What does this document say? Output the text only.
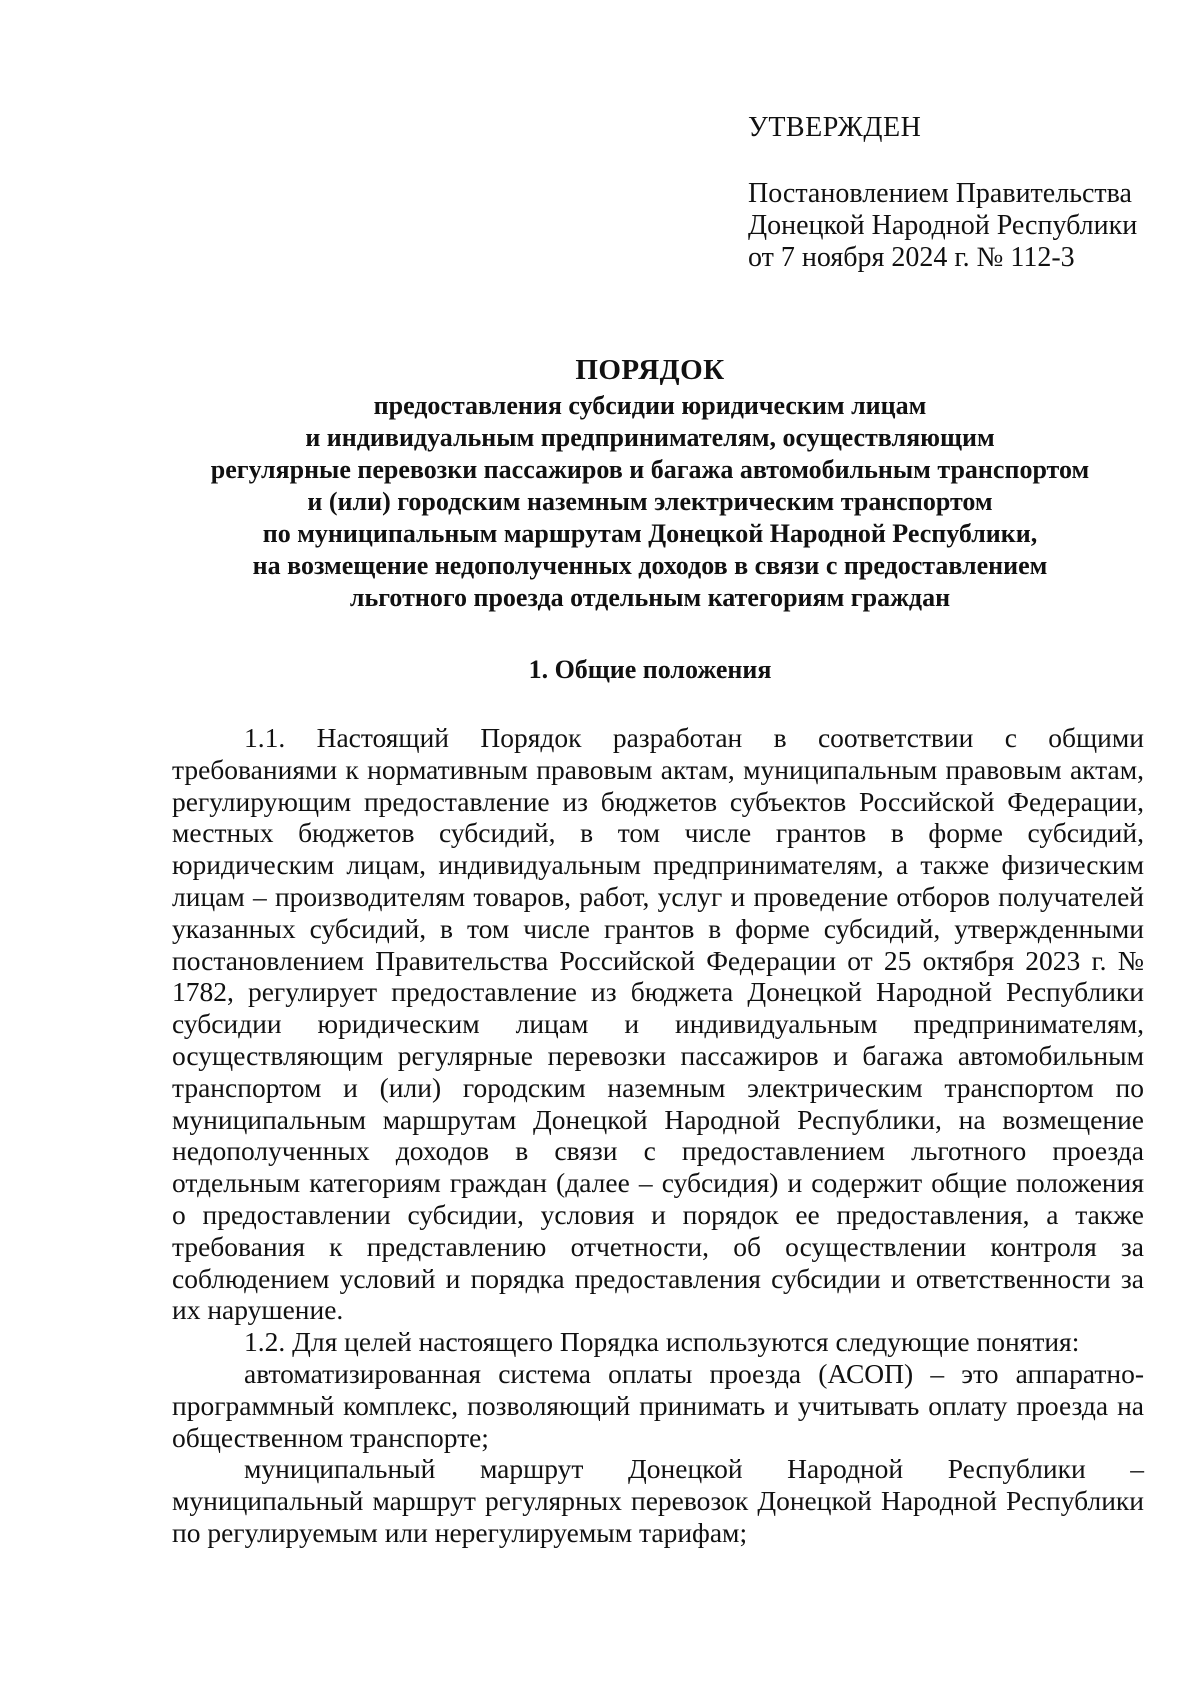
УТВЕРЖДЕН
Постановлением Правительства
Донецкой Народной Республики
от 7 ноября 2024 г. № 112-3
ПОРЯДОК
предоставления субсидии юридическим лицам
и индивидуальным предпринимателям, осуществляющим
регулярные перевозки пассажиров и багажа автомобильным транспортом
и (или) городским наземным электрическим транспортом
по муниципальным маршрутам Донецкой Народной Республики,
на возмещение недополученных доходов в связи с предоставлением
льготного проезда отдельным категориям граждан
1. Общие положения

1.1. Настоящий Порядок разработан в соответствии с общими требованиями к нормативным правовым актам, муниципальным правовым актам, регулирующим предоставление из бюджетов субъектов Российской Федерации, местных бюджетов субсидий, в том числе грантов в форме субсидий, юридическим лицам, индивидуальным предпринимателям, а также физическим лицам – производителям товаров, работ, услуг и проведение отборов получателей указанных субсидий, в том числе грантов в форме субсидий, утвержденными постановлением Правительства Российской Федерации от 25 октября 2023 г. № 1782, регулирует предоставление из бюджета Донецкой Народной Республики субсидии юридическим лицам и индивидуальным предпринимателям, осуществляющим регулярные перевозки пассажиров и багажа автомобильным транспортом и (или) городским наземным электрическим транспортом по муниципальным маршрутам Донецкой Народной Республики, на возмещение недополученных доходов в связи с предоставлением льготного проезда отдельным категориям граждан (далее – субсидия) и содержит общие положения о предоставлении субсидии, условия и порядок ее предоставления, а также требования к представлению отчетности, об осуществлении контроля за соблюдением условий и порядка предоставления субсидии и ответственности за их нарушение.

1.2. Для целей настоящего Порядка используются следующие понятия:

автоматизированная система оплаты проезда (АСОП) – это аппаратно-программный комплекс, позволяющий принимать и учитывать оплату проезда на общественном транспорте;

муниципальный маршрут Донецкой Народной Республики – муниципальный маршрут регулярных перевозок Донецкой Народной Республики по регулируемым или нерегулируемым тарифам;
